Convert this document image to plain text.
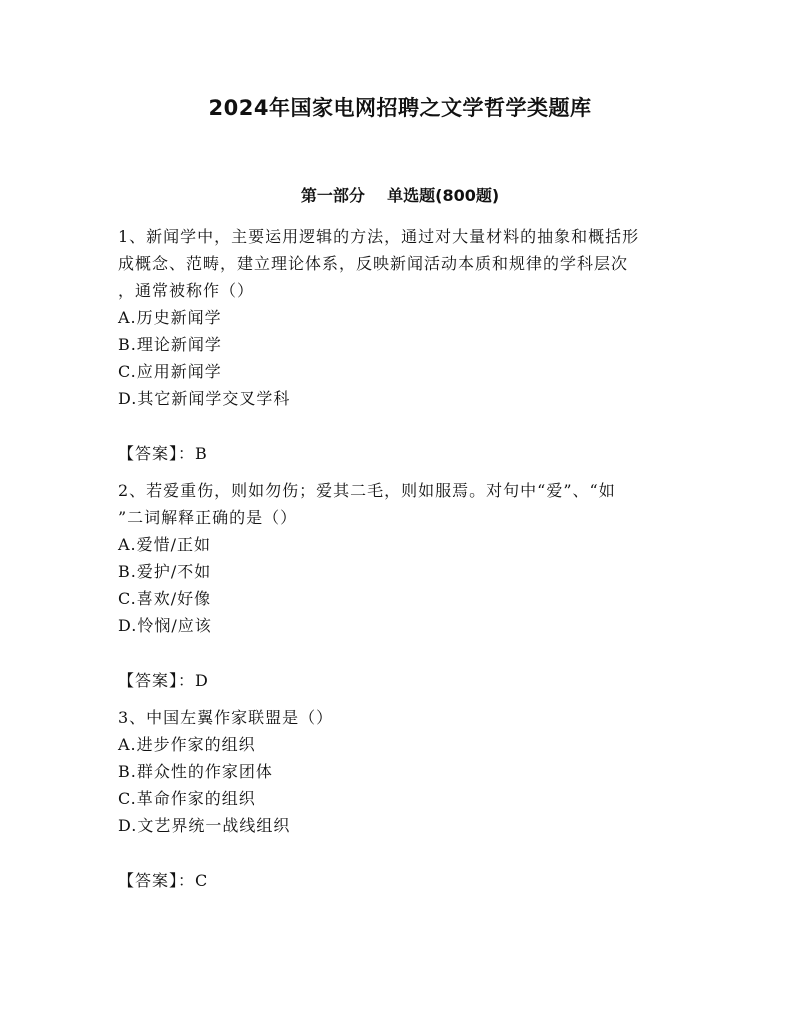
2024年国家电网招聘之文学哲学类题库
第一部分    单选题(800题)

1、新闻学中，主要运用逻辑的方法，通过对大量材料的抽象和概括形

成概念、范畴，建立理论体系，反映新闻活动本质和规律的学科层次

，通常被称作（）

A.历史新闻学

B.理论新闻学

C.应用新闻学

D.其它新闻学交叉学科

【答案】：B

2、若爱重伤，则如勿伤；爱其二毛，则如服焉。对句中“爱”、“如

”二词解释正确的是（）

A.爱惜/正如

B.爱护/不如

C.喜欢/好像

D.怜悯/应该

【答案】：D

3、中国左翼作家联盟是（）

A.进步作家的组织

B.群众性的作家团体

C.革命作家的组织

D.文艺界统一战线组织

【答案】：C
